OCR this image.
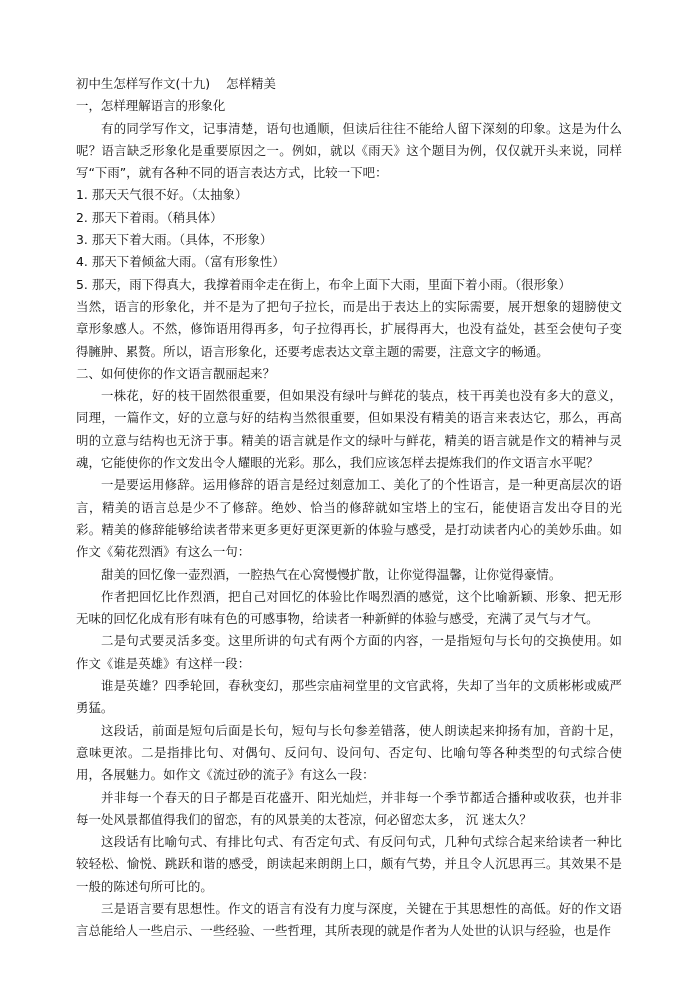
初中生怎样写作文(十九)    怎样精美

一，怎样理解语言的形象化

有的同学写作文，记事清楚，语句也通顺，但读后往往不能给人留下深刻的印象。这是为什么呢？语言缺乏形象化是重要原因之一。例如，就以《雨天》这个题目为例，仅仅就开头来说，同样写“下雨”，就有各种不同的语言表达方式，比较一下吧：

1. 那天天气很不好。（太抽象）

2. 那天下着雨。（稍具体）

3. 那天下着大雨。（具体，不形象）

4. 那天下着倾盆大雨。（富有形象性）

5. 那天，雨下得真大，我撑着雨伞走在街上，布伞上面下大雨，里面下着小雨。（很形象）

当然，语言的形象化，并不是为了把句子拉长，而是出于表达上的实际需要，展开想象的翅膀使文章形象感人。不然，修饰语用得再多，句子拉得再长，扩展得再大，也没有益处，甚至会使句子变得臃肿、累赘。所以，语言形象化，还要考虑表达文章主题的需要，注意文字的畅通。

二、如何使你的作文语言靓丽起来？

一株花，好的枝干固然很重要，但如果没有绿叶与鲜花的装点，枝干再美也没有多大的意义，同理，一篇作文，好的立意与好的结构当然很重要，但如果没有精美的语言来表达它，那么，再高明的立意与结构也无济于事。精美的语言就是作文的绿叶与鲜花，精美的语言就是作文的精神与灵魂，它能使你的作文发出令人耀眼的光彩。那么，我们应该怎样去提炼我们的作文语言水平呢？

一是要运用修辞。运用修辞的语言是经过刻意加工、美化了的个性语言，是一种更高层次的语言，精美的语言总是少不了修辞。绝妙、恰当的修辞就如宝塔上的宝石，能使语言发出夺目的光彩。精美的修辞能够给读者带来更多更好更深更新的体验与感受，是打动读者内心的美妙乐曲。如作文《菊花烈酒》有这么一句：

甜美的回忆像一壶烈酒，一腔热气在心窝慢慢扩散，让你觉得温馨，让你觉得豪情。

作者把回忆比作烈酒，把自己对回忆的体验比作喝烈酒的感觉，这个比喻新颖、形象、把无形无味的回忆化成有形有味有色的可感事物，给读者一种新鲜的体验与感受，充满了灵气与才气。

二是句式要灵活多变。这里所讲的句式有两个方面的内容，一是指短句与长句的交换使用。如作文《谁是英雄》有这样一段：

谁是英雄？四季轮回，春秋变幻，那些宗庙祠堂里的文官武将，失却了当年的文质彬彬或威严勇猛。

这段话，前面是短句后面是长句，短句与长句参差错落，使人朗读起来抑扬有加，音韵十足，意味更浓。二是指排比句、对偶句、反问句、设问句、否定句、比喻句等各种类型的句式综合使用，各展魅力。如作文《流过砂的流子》有这么一段：

并非每一个春天的日子都是百花盛开、阳光灿烂，并非每一个季节都适合播种或收获，也并非每一处风景都值得我们的留恋，有的风景美的太苍凉，何必留恋太多， 沉 迷太久？

这段话有比喻句式、有排比句式、有否定句式、有反问句式，几种句式综合起来给读者一种比较轻松、愉悦、跳跃和谐的感受，朗读起来朗朗上口，颇有气势，并且令人沉思再三。其效果不是一般的陈述句所可比的。

三是语言要有思想性。作文的语言有没有力度与深度，关键在于其思想性的高低。好的作文语言总能给人一些启示、一些经验、一些哲理，其所表现的就是作者为人处世的认识与经验，也是作
